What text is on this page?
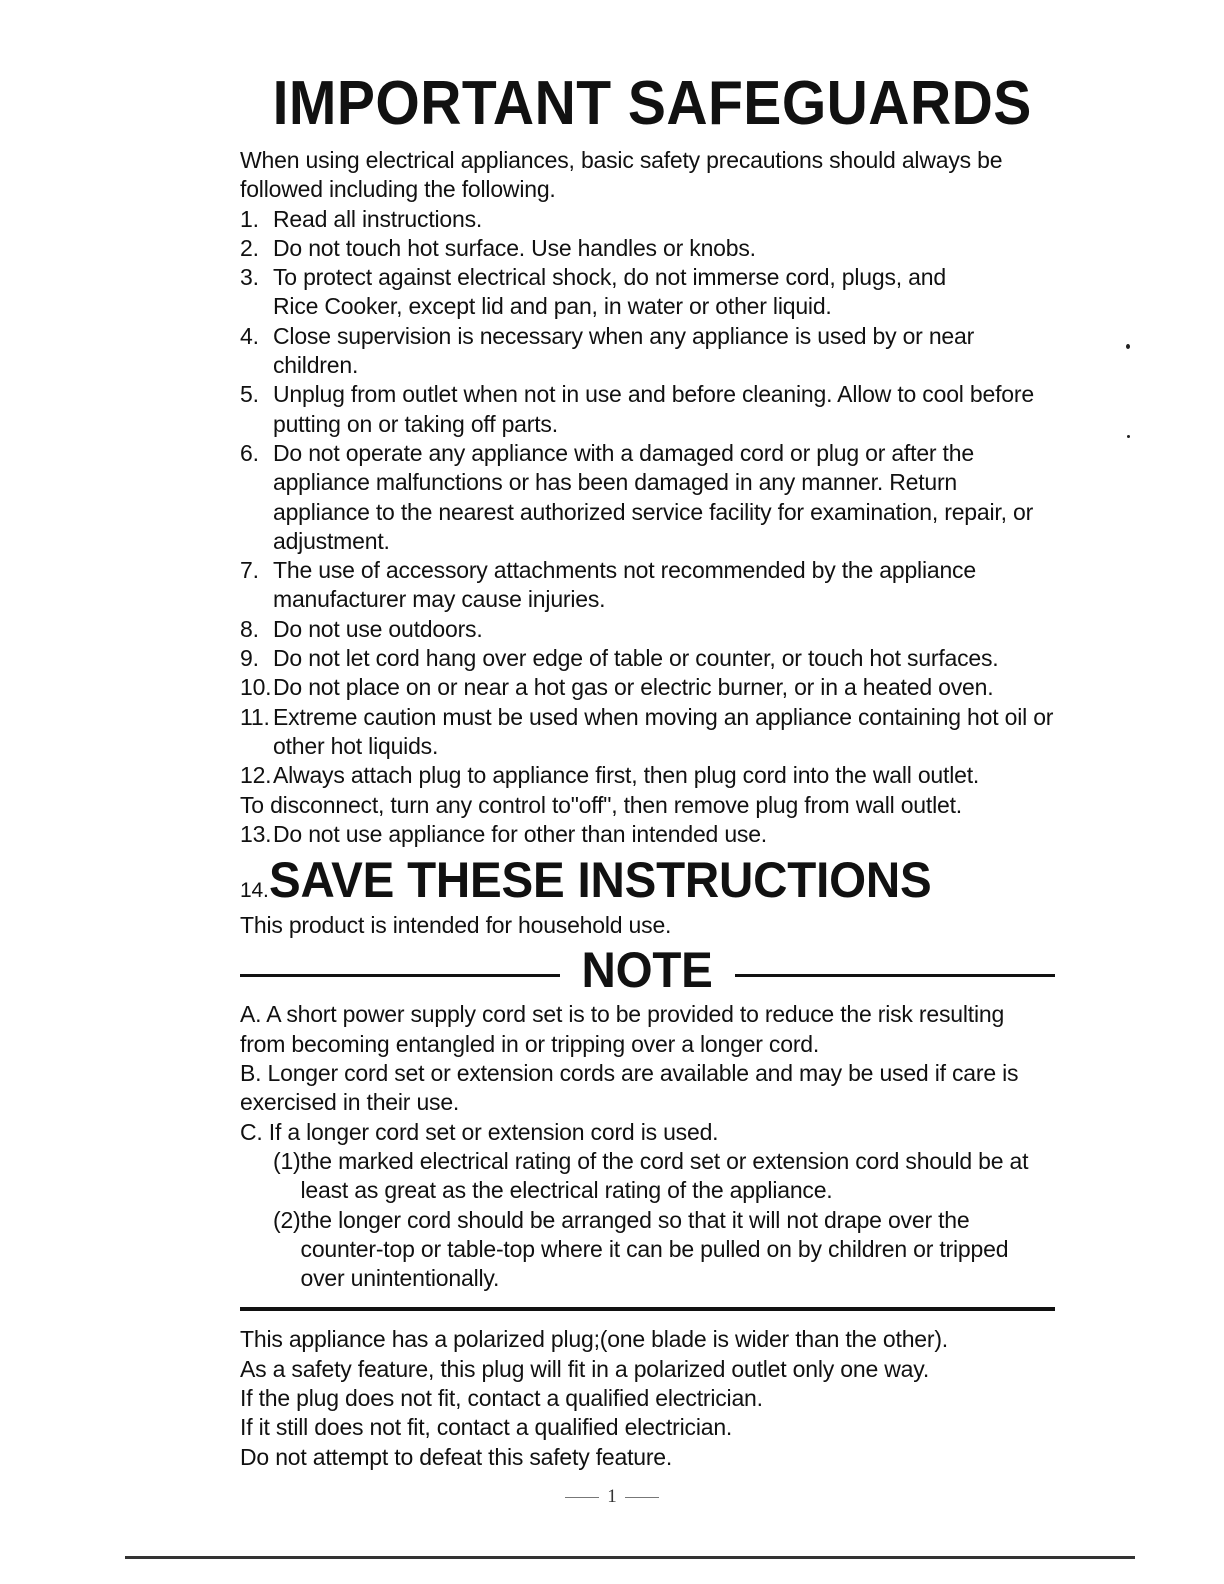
IMPORTANT SAFEGUARDS

When using electrical appliances, basic safety precautions should always be followed including the following.

1. Read all instructions.
2. Do not touch hot surface. Use handles or knobs.
3. To protect against electrical shock, do not immerse cord, plugs, and Rice Cooker, except lid and pan, in water or other liquid.
4. Close supervision is necessary when any appliance is used by or near children.
5. Unplug from outlet when not in use and before cleaning. Allow to cool before putting on or taking off parts.
6. Do not operate any appliance with a damaged cord or plug or after the appliance malfunctions or has been damaged in any manner. Return appliance to the nearest authorized service facility for examination, repair, or adjustment.
7. The use of accessory attachments not recommended by the appliance manufacturer may cause injuries.
8. Do not use outdoors.
9. Do not let cord hang over edge of table or counter, or touch hot surfaces.
10. Do not place on or near a hot gas or electric burner, or in a heated oven.
11. Extreme caution must be used when moving an appliance containing hot oil or other hot liquids.
12. Always attach plug to appliance first, then plug cord into the wall outlet.

To disconnect, turn any control to"off", then remove plug from wall outlet.

13. Do not use appliance for other than intended use.
14. SAVE THESE INSTRUCTIONS

This product is intended for household use.

NOTE

A. A short power supply cord set is to be provided to reduce the risk resulting from becoming entangled in or tripping over a longer cord.

B. Longer cord set or extension cords are available and may be used if care is exercised in their use.

C. If a longer cord set or extension cord is used.

(1) the marked electrical rating of the cord set or extension cord should be at least as great as the electrical rating of the appliance.
(2) the longer cord should be arranged so that it will not drape over the counter-top or table-top where it can be pulled on by children or tripped over unintentionally.

This appliance has a polarized plug;(one blade is wider than the other).

As a safety feature, this plug will fit in a polarized outlet only one way.

If the plug does not fit, contact a qualified electrician.

If it still does not fit, contact a qualified electrician.

Do not attempt to defeat this safety feature.

1
